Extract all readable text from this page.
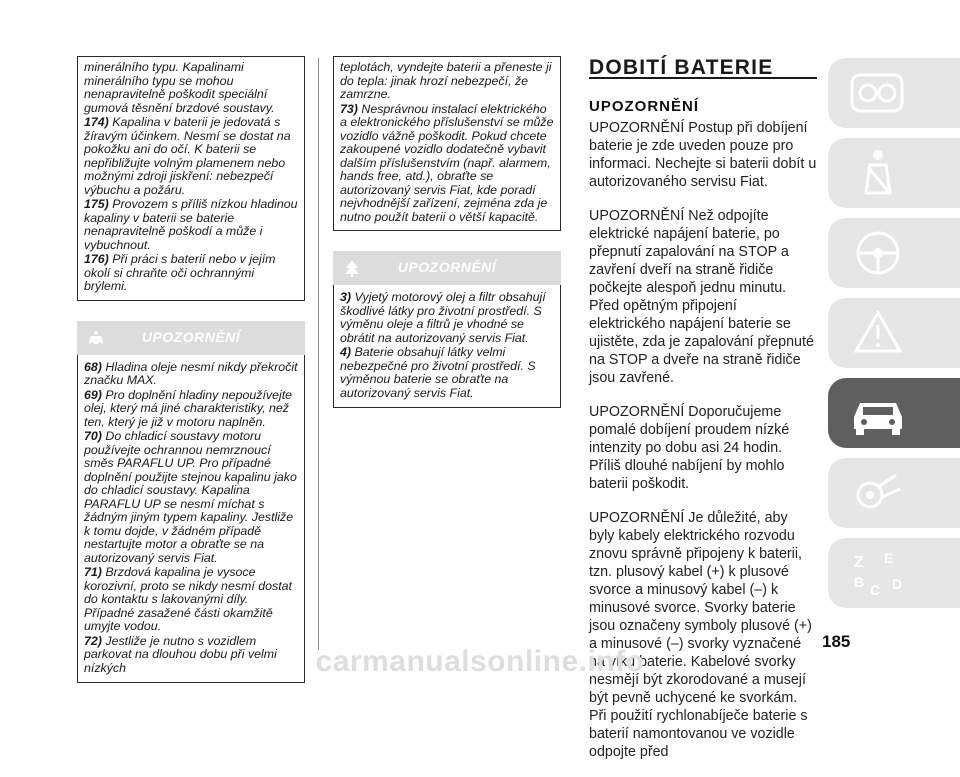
minerálního typu. Kapalinami minerálního typu se mohou nenapravitelně poškodit speciální gumová těsnění brzdové soustavy.

174) Kapalina v baterii je jedovatá s žíravým účinkem. Nesmí se dostat na pokožku ani do očí. K baterii se nepřibližujte volným plamenem nebo možnými zdroji jiskření: nebezpečí výbuchu a požáru.

175) Provozem s příliš nízkou hladinou kapaliny v baterii se baterie nenapravitelně poškodí a může i vybuchnout.

176) Při práci s baterií nebo v jejím okolí si chraňte oči ochrannými brýlemi.

UPOZORNĚNÍ

68) Hladina oleje nesmí nikdy překročit značku MAX.

69) Pro doplnění hladiny nepoužívejte olej, který má jiné charakteristiky, než ten, který je již v motoru naplněn.

70) Do chladicí soustavy motoru používejte ochrannou nemrznoucí směs PARAFLU UP. Pro případné doplnění použijte stejnou kapalinu jako do chladicí soustavy. Kapalina PARAFLU UP se nesmí míchat s žádným jiným typem kapaliny. Jestliže k tomu dojde, v žádném případě nestartujte motor a obraťte se na autorizovaný servis Fiat.

71) Brzdová kapalina je vysoce korozivní, proto se nikdy nesmí dostat do kontaktu s lakovanými díly. Případné zasažené části okamžitě umyjte vodou.

72) Jestliže je nutno s vozidlem parkovat na dlouhou dobu při velmi nízkých

teplotách, vyndejte baterii a přeneste ji do tepla: jinak hrozí nebezpečí, že zamrzne.

73) Nesprávnou instalací elektrického a elektronického příslušenství se může vozidlo vážně poškodit. Pokud chcete zakoupené vozidlo dodatečně vybavit dalším příslušenstvím (např. alarmem, hands free, atd.), obraťte se autorizovaný servis Fiat, kde poradí nejvhodnější zařízení, zejména zda je nutno použít baterii o větší kapacitě.

UPOZORNĚNÍ

3) Vyjetý motorový olej a filtr obsahují škodlivé látky pro životní prostředí. S výměnu oleje a filtrů je vhodné se obrátit na autorizovaný servis Fiat.

4) Baterie obsahují látky velmi nebezpečné pro životní prostředí. S výměnou baterie se obraťte na autorizovaný servis Fiat.

DOBITÍ BATERIE
UPOZORNĚNÍ

UPOZORNĚNÍ Postup při dobíjení baterie je zde uveden pouze pro informaci. Nechejte si baterii dobít u autorizovaného servisu Fiat.

UPOZORNĚNÍ Než odpojíte elektrické napájení baterie, po přepnutí zapalování na STOP a zavření dveří na straně řidiče počkejte alespoň jednu minutu. Před opětným připojení elektrického napájení baterie se ujistěte, zda je zapalování přepnuté na STOP a dveře na straně řidiče jsou zavřené.

UPOZORNĚNÍ Doporučujeme pomalé dobíjení proudem nízké intenzity po dobu asi 24 hodin. Příliš dlouhé nabíjení by mohlo baterii poškodit.

UPOZORNĚNÍ Je důležité, aby byly kabely elektrického rozvodu znovu správně připojeny k baterii, tzn. plusový kabel (+) k plusové svorce a minusový kabel (–) k minusové svorce. Svorky baterie jsou označeny symboly plusové (+) a minusové (–) svorky vyznačené na víku baterie. Kabelové svorky nesmějí být zkorodované a musejí být pevně uchycené ke svorkám. Při použití rychlonabíječe baterie s baterií namontovanou ve vozidle odpojte před

185
Z E
B C D
carmanualsonline.info
